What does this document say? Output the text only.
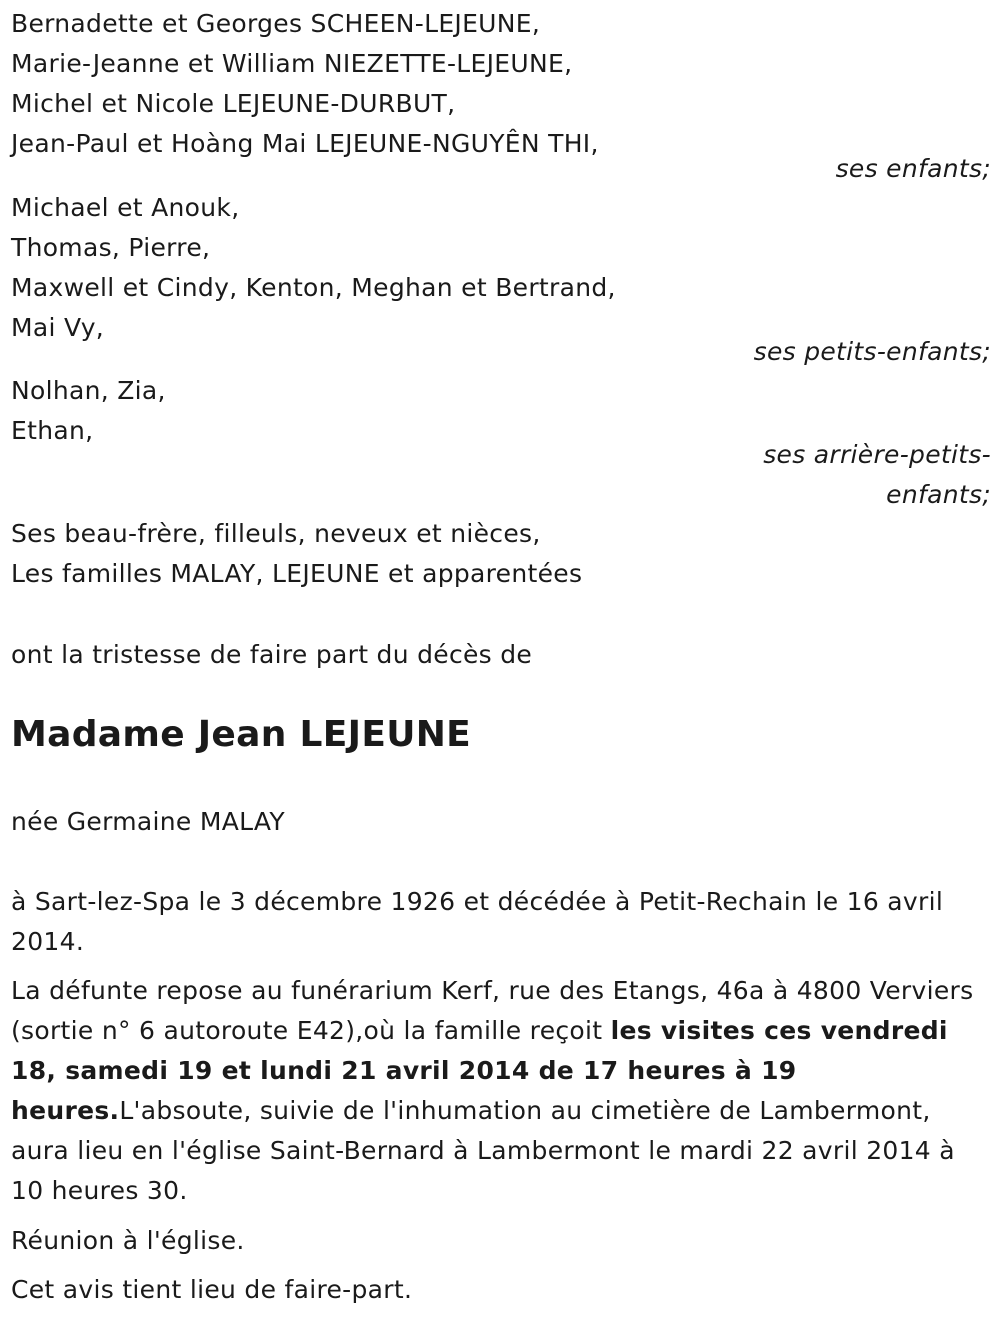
Bernadette et Georges SCHEEN-LEJEUNE,
Marie-Jeanne et William NIEZETTE-LEJEUNE,
Michel et Nicole LEJEUNE-DURBUT,
Jean-Paul et Hoàng Mai LEJEUNE-NGUYÊN THI,
ses enfants;
Michael et Anouk,
Thomas, Pierre,
Maxwell et Cindy, Kenton, Meghan et Bertrand,
Mai Vy,
ses petits-enfants;
Nolhan, Zia,
Ethan,
ses arrière-petits-
enfants;
Ses beau-frère, filleuls, neveux et nièces,
Les familles MALAY, LEJEUNE et apparentées
ont la tristesse de faire part du décès de
Madame Jean LEJEUNE
née Germaine MALAY
à Sart-lez-Spa le 3 décembre 1926 et décédée à Petit-Rechain le 16 avril 2014.
La défunte repose au funérarium Kerf, rue des Etangs, 46a à 4800 Verviers (sortie n° 6 autoroute E42),où la famille reçoit les visites ces vendredi 18, samedi 19 et lundi 21 avril 2014 de 17 heures à 19 heures.L'absoute, suivie de l'inhumation au cimetière de Lambermont, aura lieu en l'église Saint-Bernard à Lambermont le mardi 22 avril 2014 à 10 heures 30.
Réunion à l'église.
Cet avis tient lieu de faire-part.
